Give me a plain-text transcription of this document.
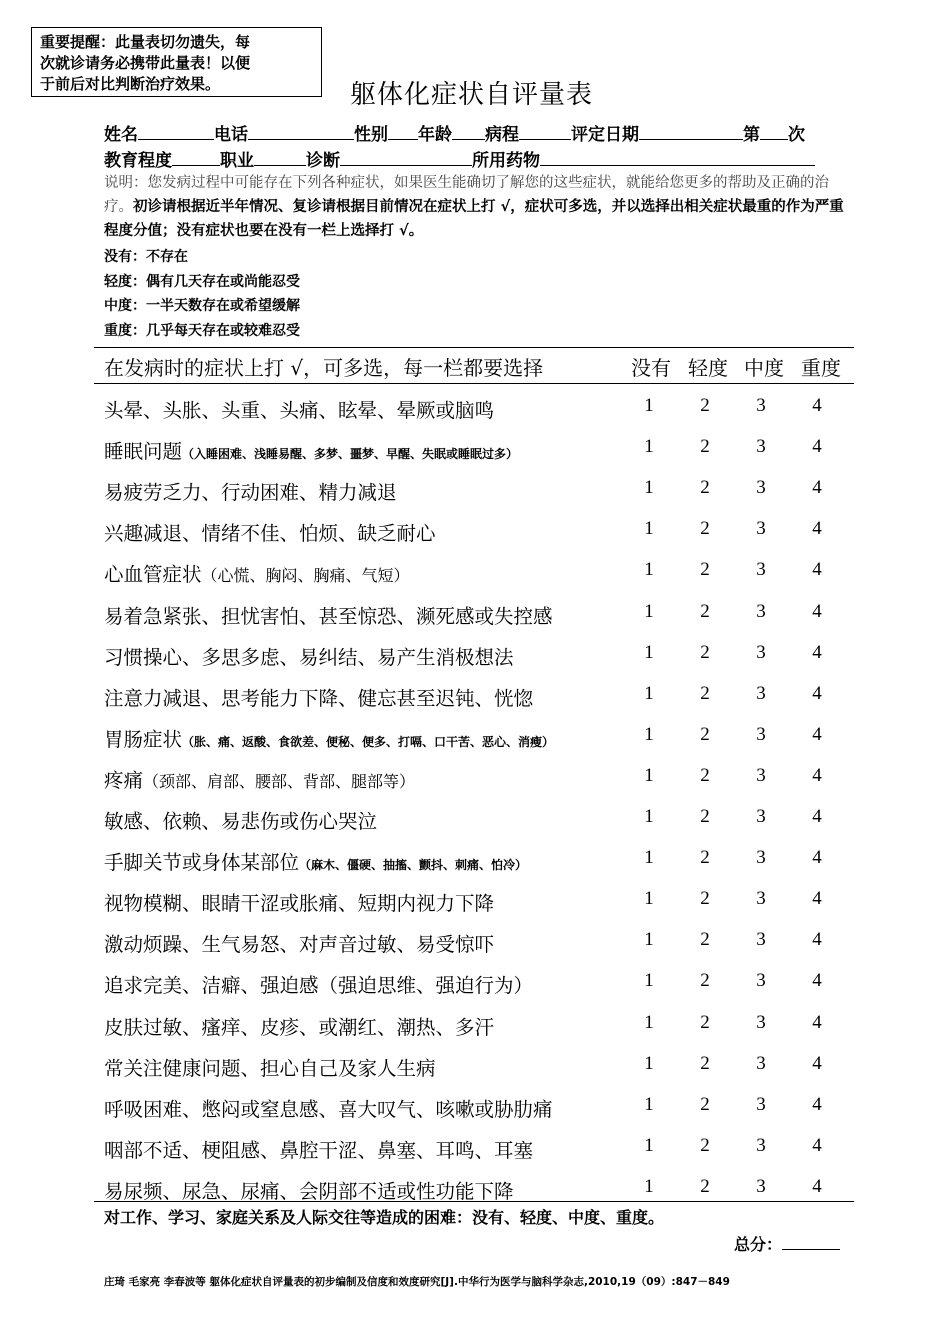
重要提醒：此量表切勿遗失，每
次就诊请务必携带此量表！以便
于前后对比判断治疗效果。	躯体化症状自评量表
姓名	电话	性别 年龄 病程	评定日期	第 次
教育程度	职业	诊断	所用药物
说明：您发病过程中可能存在下列各种症状，如果医生能确切了解您的这些症状，就能给您更多的帮助及正确的治疗。初诊请根据近半年情况、复诊请根据目前情况在症状上打 √，症状可多选，并以选择出相关症状最重的作为严重程度分值；没有症状也要在没有一栏上选择打 √。
没有：不存在
轻度：偶有几天存在或尚能忍受
中度：一半天数存在或希望缓解
重度：几乎每天存在或较难忍受
在发病时的症状上打 √，可多选，每一栏都要选择	没有 轻度 中度 重度
头晕、头胀、头重、头痛、眩晕、晕厥或脑鸣	1	2	3	4
睡眠问题（入睡困难、浅睡易醒、多梦、噩梦、早醒、失眠或睡眠过多）	1	2	3	4
易疲劳乏力、行动困难、精力减退	1	2	3	4
兴趣减退、情绪不佳、怕烦、缺乏耐心	1	2	3	4
心血管症状（心慌、胸闷、胸痛、气短）	1	2	3	4
易着急紧张、担忧害怕、甚至惊恐、濒死感或失控感	1	2	3	4
习惯操心、多思多虑、易纠结、易产生消极想法	1	2	3	4
注意力减退、思考能力下降、健忘甚至迟钝、恍惚	1	2	3	4
胃肠症状（胀、痛、返酸、食欲差、便秘、便多、打嗝、口干苦、恶心、消瘦）	1	2	3	4
疼痛（颈部、肩部、腰部、背部、腿部等）	1	2	3	4
敏感、依赖、易悲伤或伤心哭泣	1	2	3	4
手脚关节或身体某部位（麻木、僵硬、抽搐、颤抖、刺痛、怕冷）	1	2	3	4
视物模糊、眼睛干涩或胀痛、短期内视力下降	1	2	3	4
激动烦躁、生气易怒、对声音过敏、易受惊吓	1	2	3	4
追求完美、洁癖、强迫感（强迫思维、强迫行为）	1	2	3	4
皮肤过敏、瘙痒、皮疹、或潮红、潮热、多汗	1	2	3	4
常关注健康问题、担心自己及家人生病	1	2	3	4
呼吸困难、憋闷或窒息感、喜大叹气、咳嗽或胁肋痛	1	2	3	4
咽部不适、梗阻感、鼻腔干涩、鼻塞、耳鸣、耳塞	1	2	3	4
易尿频、尿急、尿痛、会阴部不适或性功能下降	1	2	3	4
对工作、学习、家庭关系及人际交往等造成的困难：没有、轻度、中度、重度。
总分：
庄琦 毛家亮 李春波等 躯体化症状自评量表的初步编制及信度和效度研究[J].中华行为医学与脑科学杂志,2010,19（09）:847－849
